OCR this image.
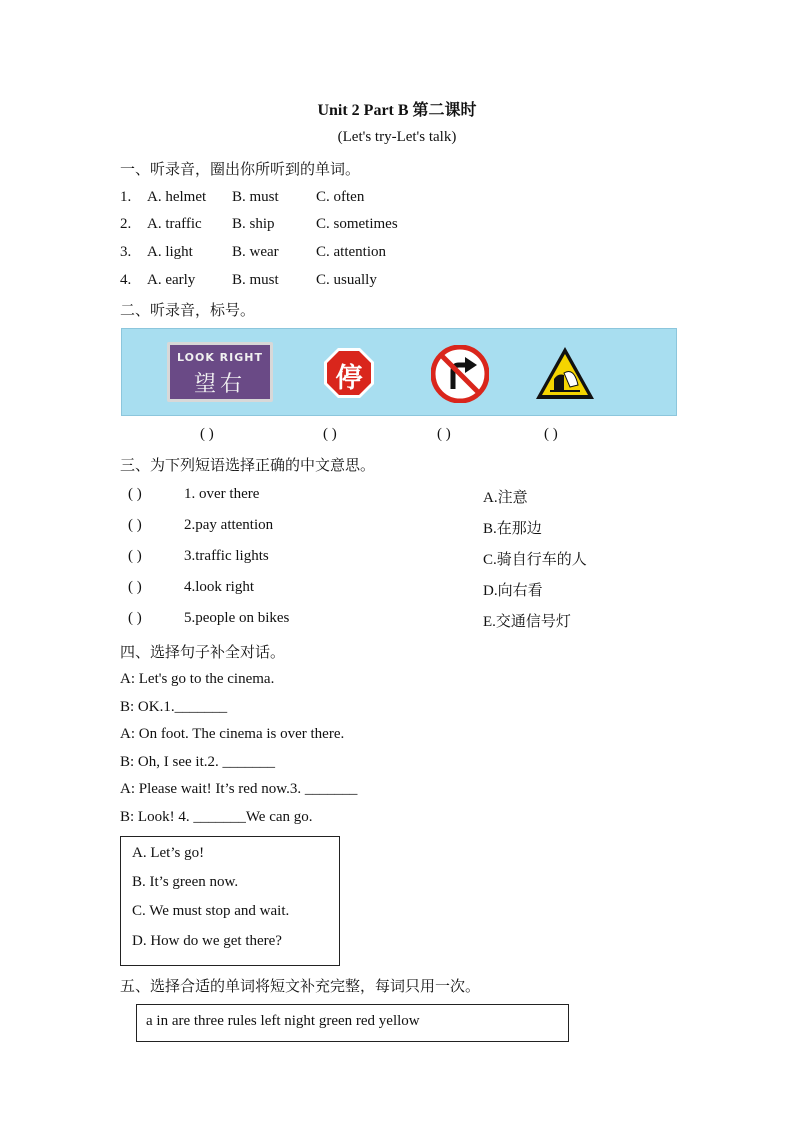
Unit 2 Part B 第二课时
(Let's try-Let's talk)
一、听录音，圈出你所听到的单词。
1. A. helmet B. must C. often
2. A. traffic B. ship	C. sometimes
3. A. light	B. wear C. attention
4. A. early B. must C. usually
二、听录音，标号。
LOOK RIGHT
望右	停
( )	( )	( )	( )
三、为下列短语选择正确的中文意思。
( )	1. over there	A.注意
( )	2.pay attention	B.在那边
( )	3.traffic lights	C.骑自行车的人
( )	4.look right	D.向右看
( )	5.people on bikes	E.交通信号灯
四、选择句子补全对话。
A: Let's go to the cinema.
B: OK.1._______
A: On foot. The cinema is over there.
B: Oh, I see it.2. _______
A: Please wait! It’s red now.3. _______
B: Look! 4. _______We can go.
A. Let’s go!
B. It’s green now.
C. We must stop and wait.
D. How do we get there?
五、选择合适的单词将短文补充完整，每词只用一次。
a in are three rules left night green red yellow
